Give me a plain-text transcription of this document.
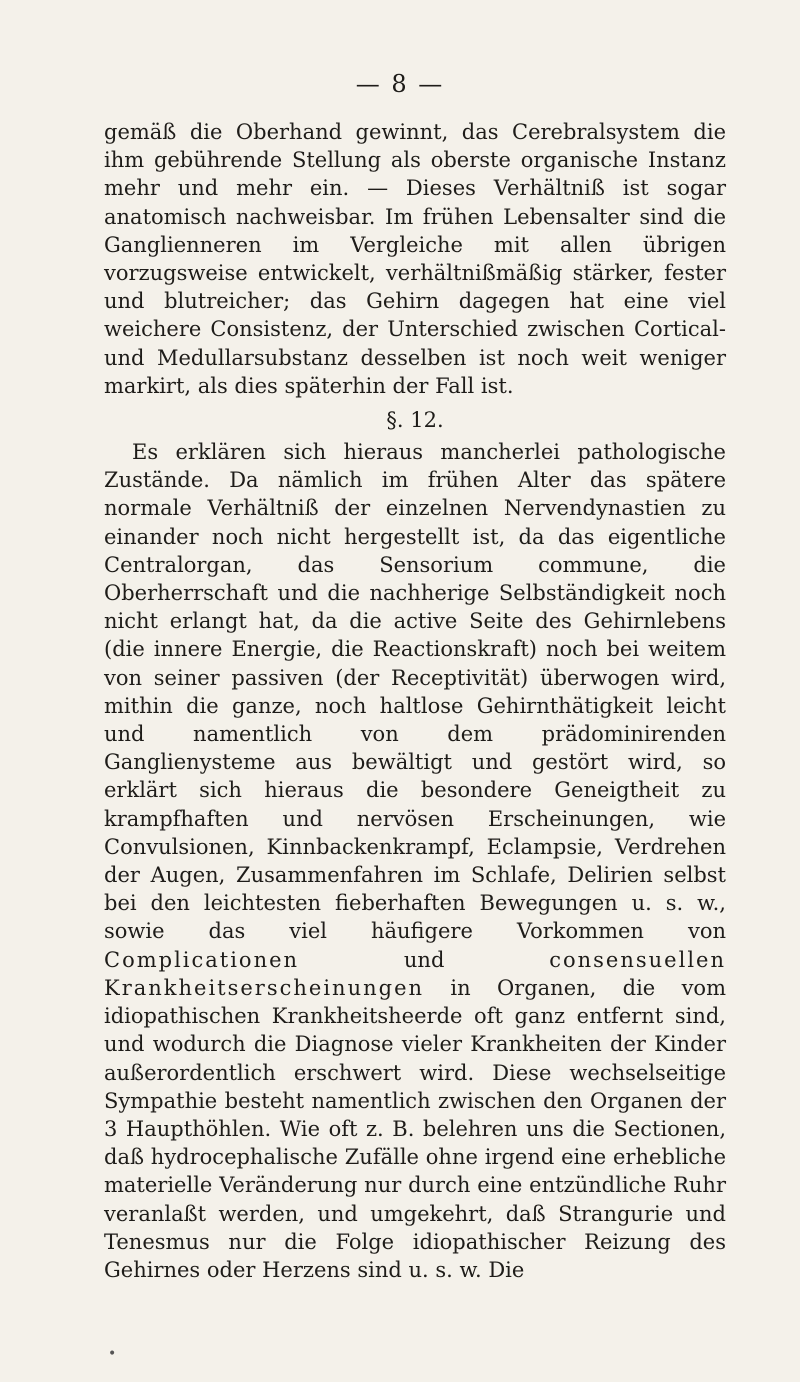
— 8 —

gemäß die Oberhand gewinnt, das Cerebralsystem die ihm gebührende Stellung als oberste organische Instanz mehr und mehr ein. — Dieses Verhältniß ist sogar anatomisch nachweisbar. Im frühen Lebensalter sind die Ganglienneren im Vergleiche mit allen übrigen vorzugsweise entwickelt, verhältnißmäßig stärker, fester und blutreicher; das Gehirn dagegen hat eine viel weichere Consistenz, der Unterschied zwischen Cortical- und Medullarsubstanz desselben ist noch weit weniger markirt, als dies späterhin der Fall ist.

§. 12.

Es erklären sich hieraus mancherlei pathologische Zustände. Da nämlich im frühen Alter das spätere normale Verhältniß der einzelnen Nervendynastien zu einander noch nicht hergestellt ist, da das eigentliche Centralorgan, das Sensorium commune, die Oberherrschaft und die nachherige Selbständigkeit noch nicht erlangt hat, da die active Seite des Gehirnlebens (die innere Energie, die Reactionskraft) noch bei weitem von seiner passiven (der Receptivität) überwogen wird, mithin die ganze, noch haltlose Gehirnthätigkeit leicht und namentlich von dem prädominirenden Ganglienysteme aus bewältigt und gestört wird, so erklärt sich hieraus die besondere Geneigtheit zu krampfhaften und nervösen Erscheinungen, wie Convulsionen, Kinnbackenkrampf, Eclampsie, Verdrehen der Augen, Zusammenfahren im Schlafe, Delirien selbst bei den leichtesten fieberhaften Bewegungen u. s. w., sowie das viel häufigere Vorkommen von Complicationen	und	consensuellen Krankheitserscheinungen in Organen, die vom idiopathischen Krankheitsheerde oft ganz entfernt sind, und wodurch die Diagnose vieler Krankheiten der Kinder außerordentlich erschwert wird. Diese wechselseitige Sympathie besteht namentlich zwischen den Organen der 3 Haupthöhlen. Wie oft z. B. belehren uns die Sectionen, daß hydrocephalische Zufälle ohne irgend eine erhebliche materielle Veränderung nur durch eine entzündliche Ruhr veranlaßt werden, und umgekehrt, daß Strangurie und Tenesmus nur die Folge idiopathischer Reizung des Gehirnes oder Herzens sind u. s. w. Die

•
